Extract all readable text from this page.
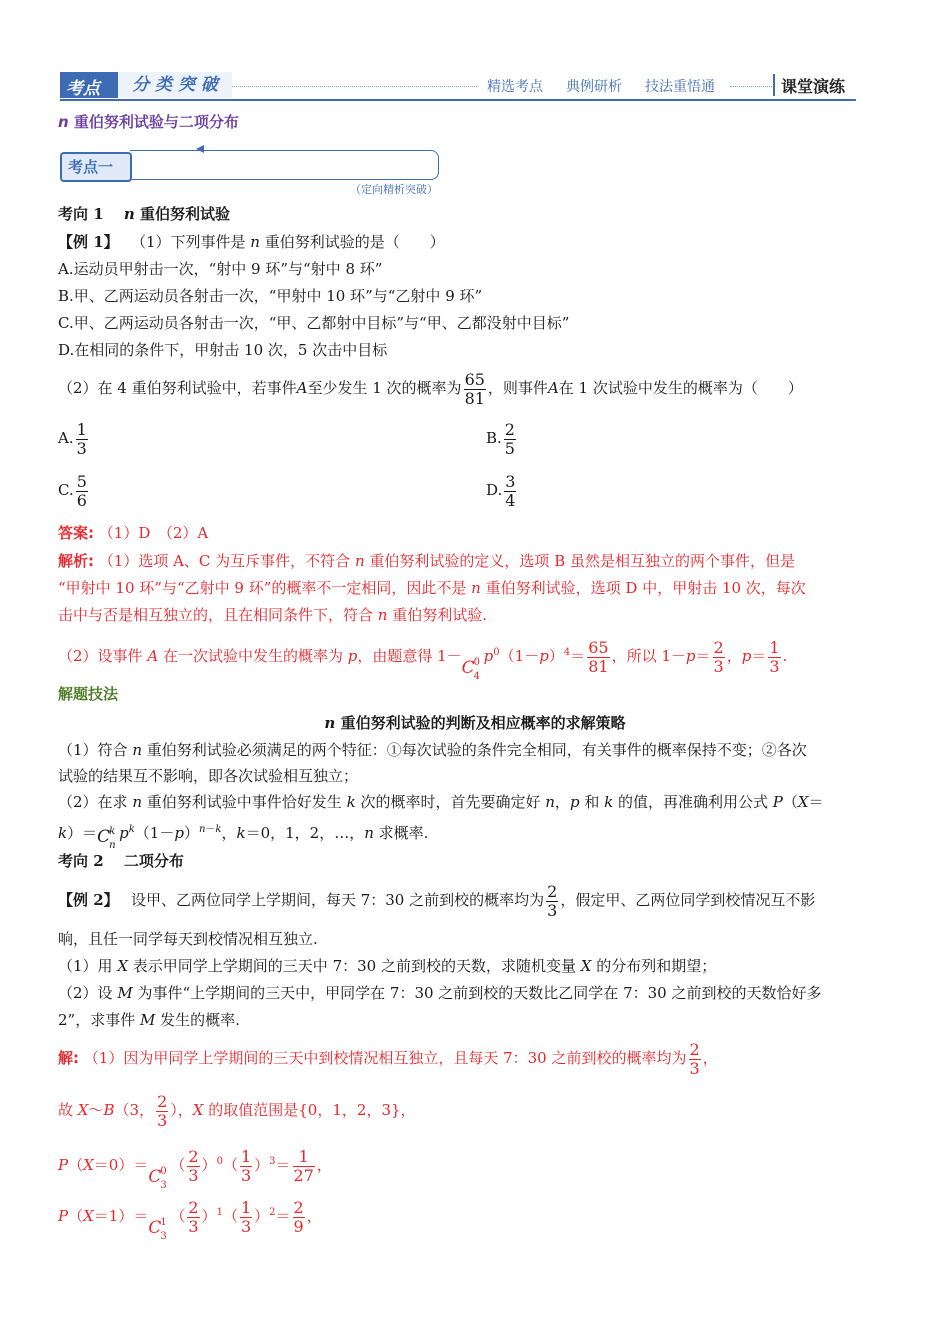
考点	分 类 突 破	精选考点 典例研析 技法重悟通	课堂演练
n 重伯努利试验与二项分布
考点一
（定向精析突破）
考向 1　 n 重伯努利试验
【例 1】　 （1）下列事件是 n 重伯努利试验的是（　　）
A.运动员甲射击一次，“射中 9 环”与“射中 8 环”
B.甲、乙两运动员各射击一次，“甲射中 10 环”与“乙射中 9 环”
C.甲、乙两运动员各射击一次，“甲、乙都射中目标”与“甲、乙都没射中目标”
D.在相同的条件下，甲射击 10 次，5 次击中目标
（2）在 4 重伯努利试验中，若事件A至少发生 1 次的概率为 $\frac{65}{81}$ ，则事件A在 1 次试验中发生的概率为（　　）
A. $\frac{1}{3}$	B. $\frac{2}{5}$
C. $\frac{5}{6}$	D. $\frac{3}{4}$
答案: （1）D　（2）A
解析: （1）选项 A、C 为互斥事件，不符合 n 重伯努利试验的定义，选项 B 虽然是相互独立的两个事件，但是
“甲射中 10 环”与“乙射中 9 环”的概率不一定相同，因此不是 n 重伯努利试验，选项 D 中，甲射击 10 次，每次
击中与否是相互独立的，且在相同条件下，符合 n 重伯努利试验.
（2）设事件 A 在一次试验中发生的概率为 p，由题意得 1－
C
0
4
$p^0(1-p)^4= \frac{65}{81}$ ，所以 $1-p= \frac{2}{3}$ ，$p= \frac{1}{3}$ .
解题技法
n 重伯努利试验的判断及相应概率的求解策略
（1）符合 n 重伯努利试验必须满足的两个特征：①每次试验的条件完全相同，有关事件的概率保持不变；②各次
试验的结果互不影响，即各次试验相互独立；
（2）在求 n 重伯努利试验中事件恰好发生 k 次的概率时，首先要确定好 n，p 和 k 的值，再准确利用公式 P（X＝
k）＝ C
k
n
$p^k(1-p)^{n-k}$，k＝0，1，2，…，n 求概率.
考向 2　 二项分布
【例 2】　 设甲、乙两位同学上学期间，每天 7：30 之前到校的概率均为 $\frac{2}{3}$ ，假定甲、乙两位同学到校情况互不影
响，且任一同学每天到校情况相互独立.
（1）用 X 表示甲同学上学期间的三天中 7：30 之前到校的天数，求随机变量 X 的分布列和期望；
（2）设 M 为事件“上学期间的三天中，甲同学在 7：30 之前到校的天数比乙同学在 7：30 之前到校的天数恰好多
2”，求事件 M 发生的概率.
解: （1）因为甲同学上学期间的三天中到校情况相互独立，且每天 7：30 之前到校的概率均为 $\frac{2}{3}$ ，
故 X～B（3， $\frac{2}{3}$ ），X 的取值范围是{0，1，2，3}，
P（X＝0）＝
C
0
3
（ $\frac{2}{3} )^0( \frac{1}{3} )^3= \frac{1}{27}$ ，
P（X＝1）＝
C
1
3
（ $\frac{2}{3} )^1( \frac{1}{3} )^2= \frac{2}{9}$ ，
